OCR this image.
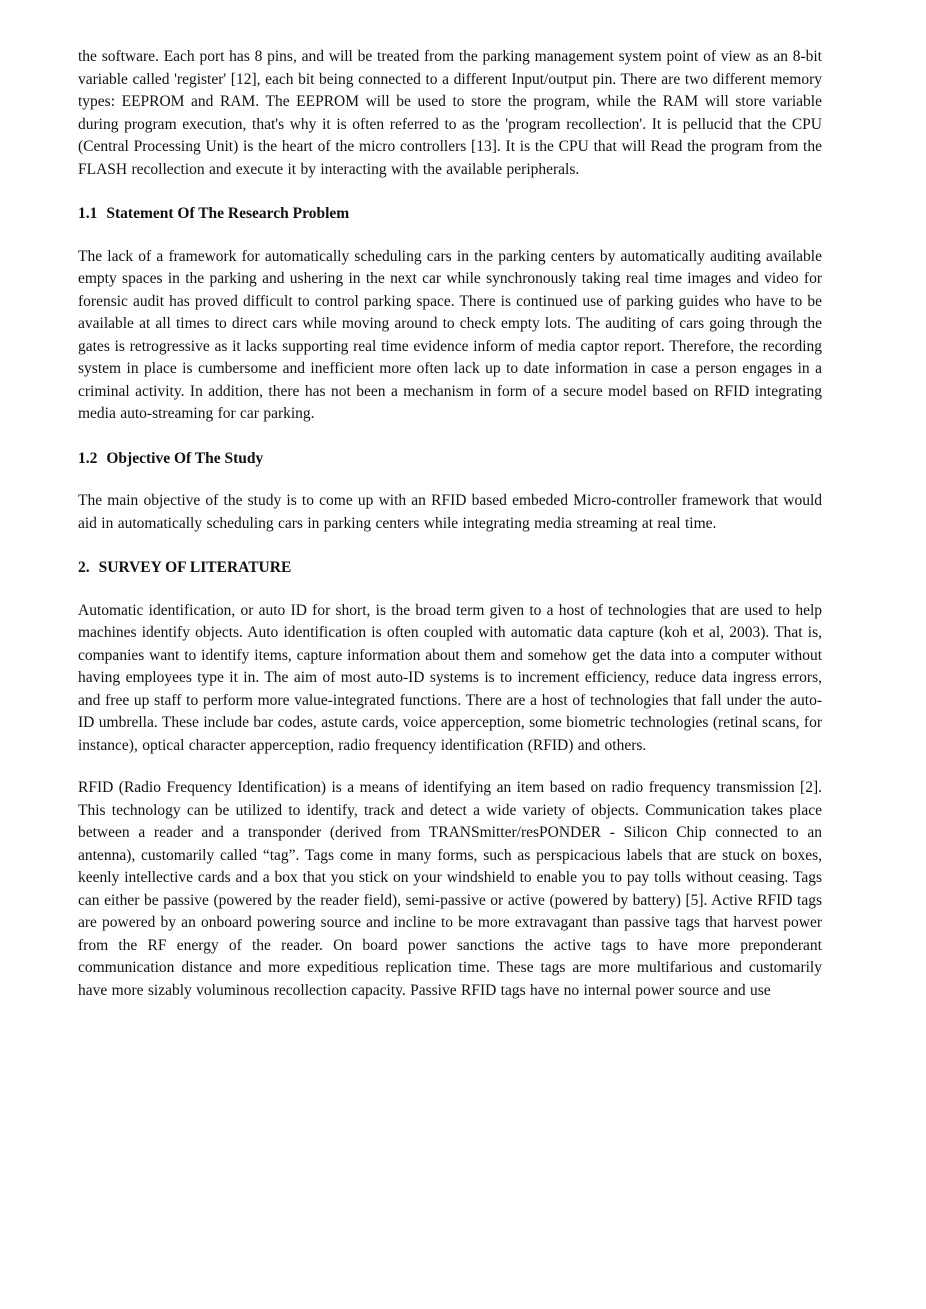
the software. Each port has 8 pins, and will be treated from the parking management system point of view as an 8-bit variable called 'register' [12], each bit being connected to a different Input/output pin. There are two different memory types: EEPROM and RAM. The EEPROM will be used to store the program, while the RAM will store variable during program execution, that's why it is often referred to as the 'program recollection'. It is pellucid that the CPU (Central Processing Unit) is the heart of the micro controllers [13]. It is the CPU that will Read the program from the FLASH recollection and execute it by interacting with the available peripherals.

1.1 Statement Of The Research Problem

The lack of a framework for automatically scheduling cars in the parking centers by automatically auditing available empty spaces in the parking and ushering in the next car while synchronously taking real time images and video for forensic audit has proved difficult to control parking space. There is continued use of parking guides who have to be available at all times to direct cars while moving around to check empty lots. The auditing of cars going through the gates is retrogressive as it lacks supporting real time evidence inform of media captor report. Therefore, the recording system in place is cumbersome and inefficient more often lack up to date information in case a person engages in a criminal activity. In addition, there has not been a mechanism in form of a secure model based on RFID integrating media auto-streaming for car parking.

1.2 Objective Of The Study

The main objective of the study is to come up with an RFID based embeded Micro-controller framework that would aid in automatically scheduling cars in parking centers while integrating media streaming at real time.

2. SURVEY OF LITERATURE

Automatic identification, or auto ID for short, is the broad term given to a host of technologies that are used to help machines identify objects. Auto identification is often coupled with automatic data capture (koh et al, 2003). That is, companies want to identify items, capture information about them and somehow get the data into a computer without having employees type it in. The aim of most auto-ID systems is to increment efficiency, reduce data ingress errors, and free up staff to perform more value-integrated functions. There are a host of technologies that fall under the auto-ID umbrella. These include bar codes, astute cards, voice apperception, some biometric technologies (retinal scans, for instance), optical character apperception, radio frequency identification (RFID) and others.

RFID (Radio Frequency Identification) is a means of identifying an item based on radio frequency transmission [2]. This technology can be utilized to identify, track and detect a wide variety of objects. Communication takes place between a reader and a transponder (derived from TRANSmitter/resPONDER - Silicon Chip connected to an antenna), customarily called “tag”. Tags come in many forms, such as perspicacious labels that are stuck on boxes, keenly intellective cards and a box that you stick on your windshield to enable you to pay tolls without ceasing. Tags can either be passive (powered by the reader field), semi-passive or active (powered by battery) [5]. Active RFID tags are powered by an onboard powering source and incline to be more extravagant than passive tags that harvest power from the RF energy of the reader. On board power sanctions the active tags to have more preponderant communication distance and more expeditious replication time. These tags are more multifarious and customarily have more sizably voluminous recollection capacity. Passive RFID tags have no internal power source and use
